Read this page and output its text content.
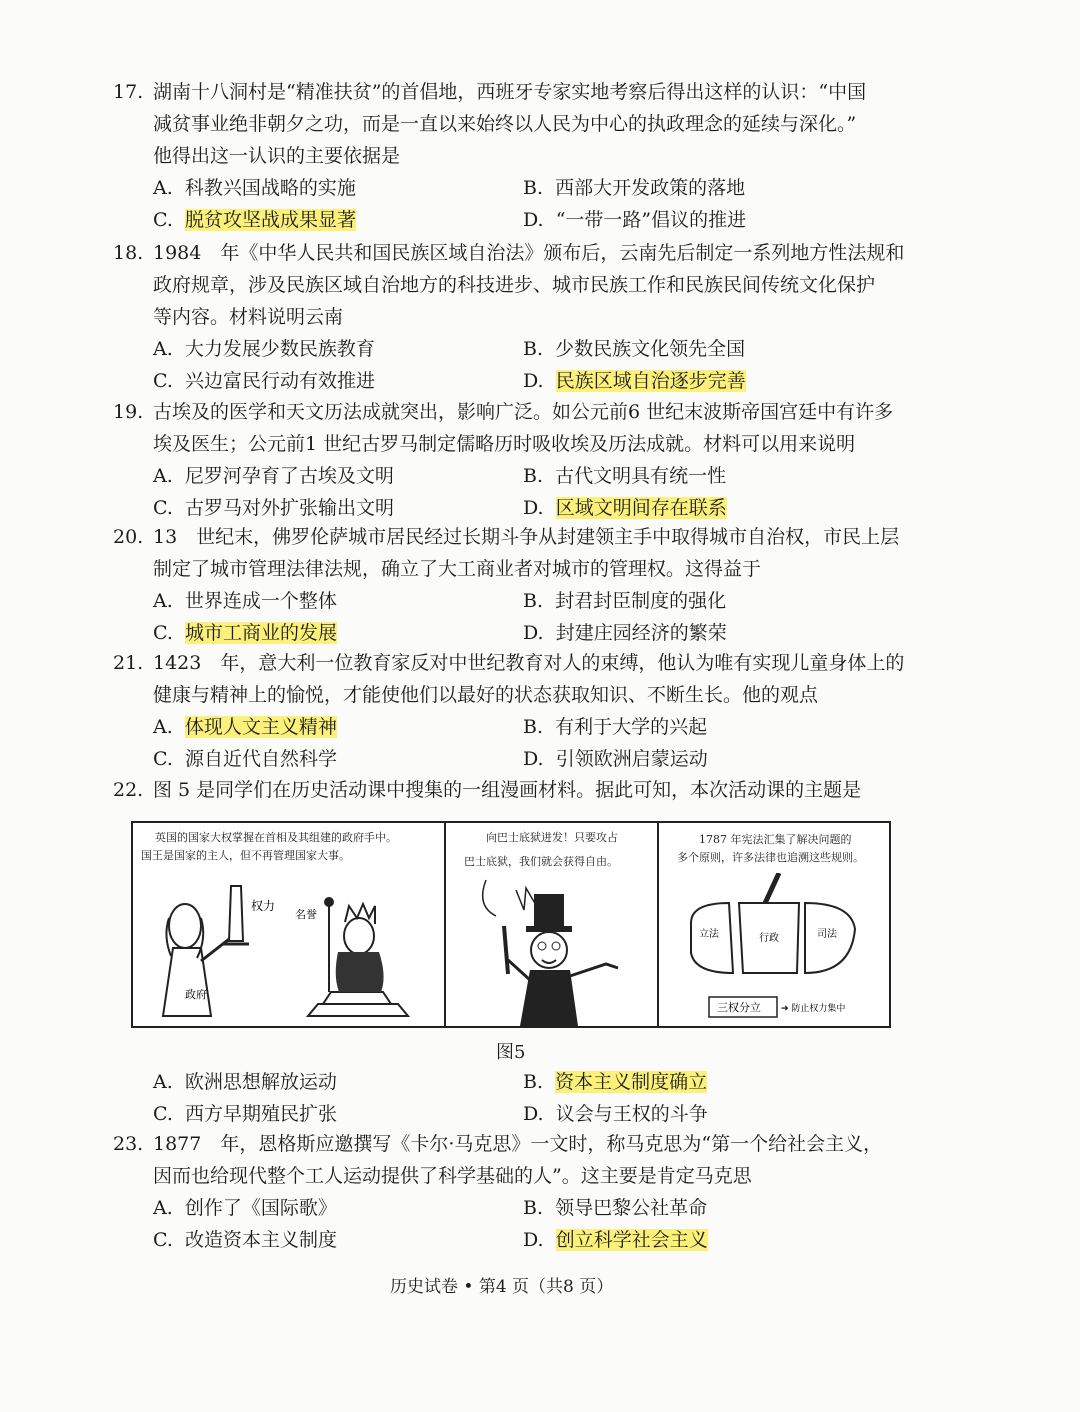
17. 湖南十八洞村是“精准扶贫”的首倡地，西班牙专家实地考察后得出这样的认识：“中国
减贫事业绝非朝夕之功，而是一直以来始终以人民为中心的执政理念的延续与深化。”
他得出这一认识的主要依据是
A. 科教兴国战略的实施	B. 西部大开发政策的落地
C. 脱贫攻坚战成果显著	D. “一带一路”倡议的推进
18. 1984　年《中华人民共和国民族区域自治法》颁布后，云南先后制定一系列地方性法规和
政府规章，涉及民族区域自治地方的科技进步、城市民族工作和民族民间传统文化保护
等内容。材料说明云南
A. 大力发展少数民族教育	B. 少数民族文化领先全国
C. 兴边富民行动有效推进	D. 民族区域自治逐步完善
19. 古埃及的医学和天文历法成就突出，影响广泛。如公元前6 世纪末波斯帝国宫廷中有许多
埃及医生；公元前1 世纪古罗马制定儒略历时吸收埃及历法成就。材料可以用来说明
A. 尼罗河孕育了古埃及文明	B. 古代文明具有统一性
C. 古罗马对外扩张输出文明	D. 区域文明间存在联系
20. 13　世纪末，佛罗伦萨城市居民经过长期斗争从封建领主手中取得城市自治权，市民上层
制定了城市管理法律法规，确立了大工商业者对城市的管理权。这得益于
A. 世界连成一个整体	B. 封君封臣制度的强化
C. 城市工商业的发展	D. 封建庄园经济的繁荣
21. 1423　年，意大利一位教育家反对中世纪教育对人的束缚，他认为唯有实现儿童身体上的
健康与精神上的愉悦，才能使他们以最好的状态获取知识、不断生长。他的观点
A. 体现人文主义精神	B. 有利于大学的兴起
C. 源自近代自然科学	D. 引领欧洲启蒙运动
22. 图 5 是同学们在历史活动课中搜集的一组漫画材料。据此可知，本次活动课的主题是
英国的国家大权掌握在首相及其组建的政府手中。
国王是国家的主人，但不再管理国家大事。
权力
政府
名誉
向巴士底狱进发！只要攻占
巴士底狱，我们就会获得自由。
1787 年宪法汇集了解决问题的
多个原则，许多法律也追溯这些规则。
立法	行政	司法
三权分立 ➔ 防止权力集中
图5
A. 欧洲思想解放运动	B. 资本主义制度确立
C. 西方早期殖民扩张	D. 议会与王权的斗争
23. 1877　年，恩格斯应邀撰写《卡尔·马克思》一文时，称马克思为“第一个给社会主义，
因而也给现代整个工人运动提供了科学基础的人”。这主要是肯定马克思
A. 创作了《国际歌》	B. 领导巴黎公社革命
C. 改造资本主义制度	D. 创立科学社会主义
历史试卷 • 第4 页（共8 页）
